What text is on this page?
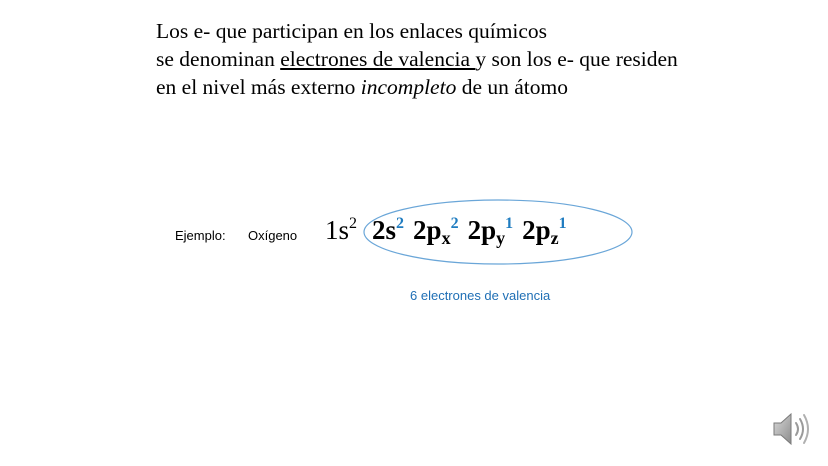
Los e- que participan en los enlaces químicos
se denominan electrones de valencia y son los e- que residen
en el nivel más externo incompleto de un átomo
Ejemplo: Oxígeno $1s^2$ $2s^2$ $2p_x^2$ $2p_y^1$ $2p_z^1$
6 electrones de valencia
